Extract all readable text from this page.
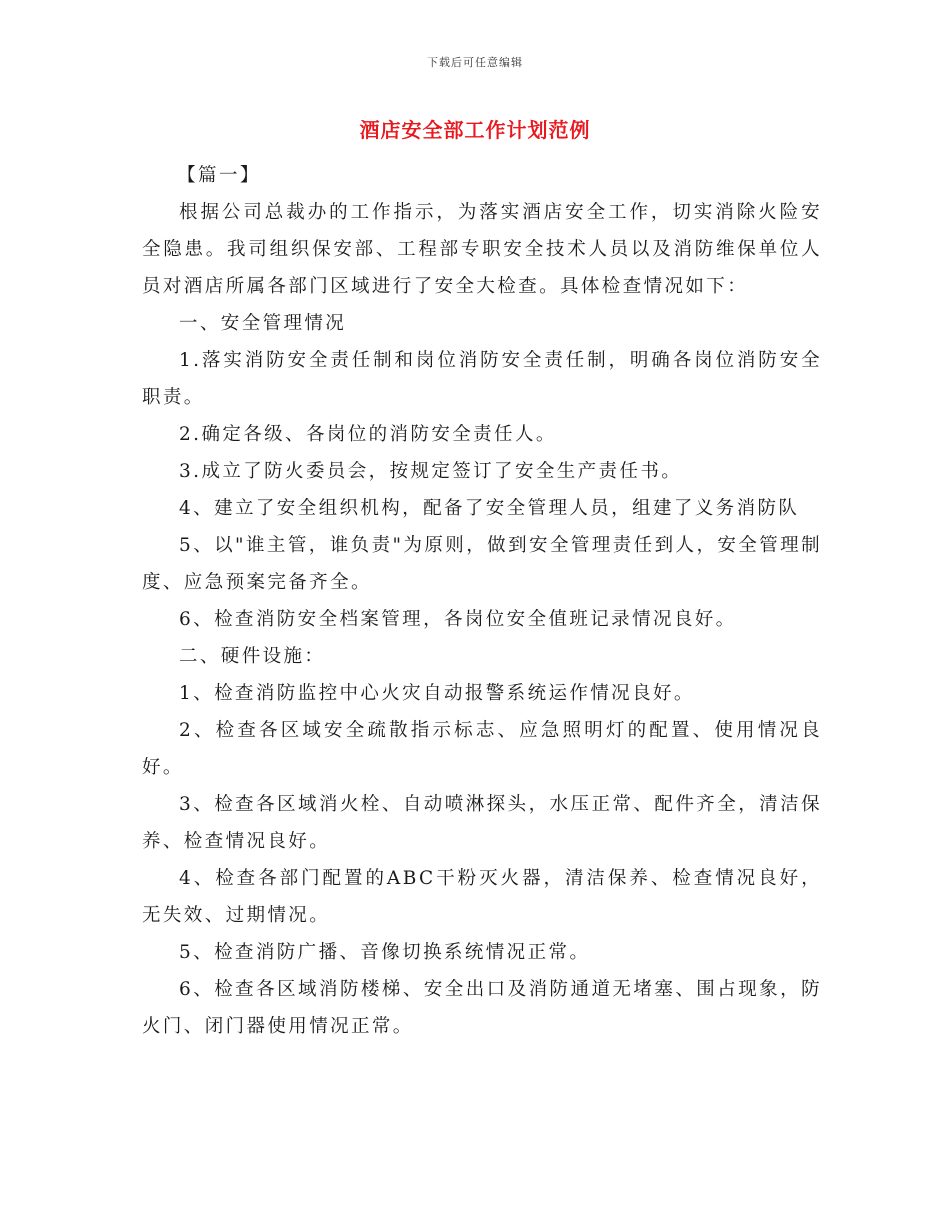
下载后可任意编辑
酒店安全部工作计划范例

【篇一】

根据公司总裁办的工作指示，为落实酒店安全工作，切实消除火险安全隐患。我司组织保安部、工程部专职安全技术人员以及消防维保单位人员对酒店所属各部门区域进行了安全大检查。具体检查情况如下：

一、安全管理情况

1.落实消防安全责任制和岗位消防安全责任制，明确各岗位消防安全职责。

2.确定各级、各岗位的消防安全责任人。

3.成立了防火委员会，按规定签订了安全生产责任书。

4、建立了安全组织机构，配备了安全管理人员，组建了义务消防队

5、以"谁主管，谁负责"为原则，做到安全管理责任到人，安全管理制度、应急预案完备齐全。

6、检查消防安全档案管理，各岗位安全值班记录情况良好。

二、硬件设施：

1、检查消防监控中心火灾自动报警系统运作情况良好。

2、检查各区域安全疏散指示标志、应急照明灯的配置、使用情况良好。

3、检查各区域消火栓、自动喷淋探头，水压正常、配件齐全，清洁保养、检查情况良好。

4、检查各部门配置的ABC干粉灭火器，清洁保养、检查情况良好，无失效、过期情况。

5、检查消防广播、音像切换系统情况正常。

6、检查各区域消防楼梯、安全出口及消防通道无堵塞、围占现象，防火门、闭门器使用情况正常。
